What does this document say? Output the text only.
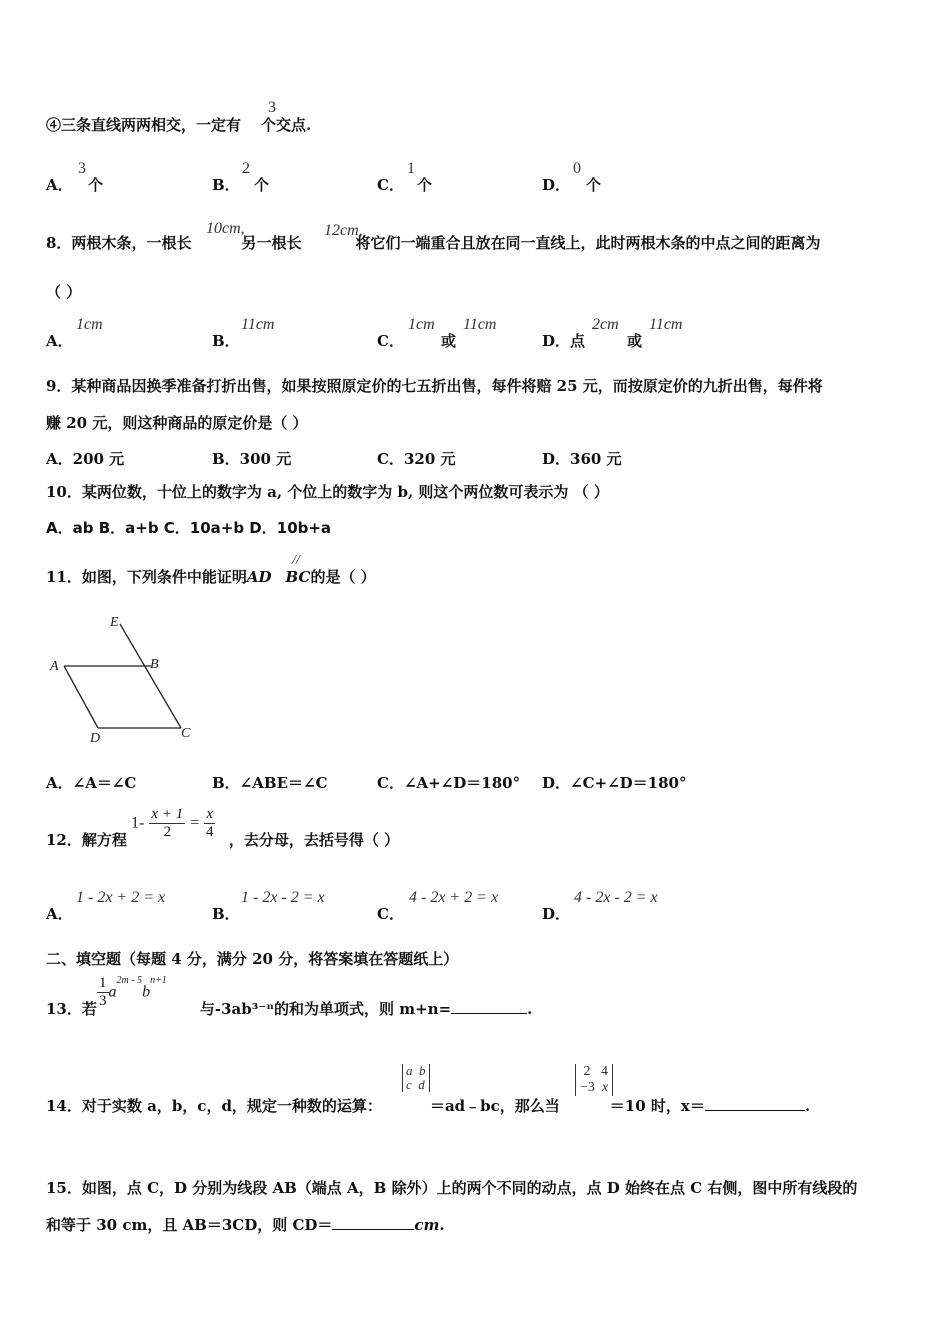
④三条直线两两相交，一定有 个交点.
3
A．
3
个	B．
2
个	C．
1
个	D．
0
个
8．两根木条，一根长	另一根长	将它们一端重合且放在同一直线上，此时两根木条的中点之间的距离为
10cm,	12cm,
（ ）
A．
1cm
B．
11cm
C．
1cm
或
11cm
D．点
2cm
或
11cm
9．某种商品因换季准备打折出售，如果按照原定价的七五折出售，每件将赔 25 元，而按原定价的九折出售，每件将
赚 20 元，则这种商品的原定价是（ ）
A．200 元	B．300 元	C．320 元	D．360 元
10．某两位数，十位上的数字为 a, 个位上的数字为 b, 则这个两位数可表示为 （ ）
A．ab B．a+b C．10a+b D．10b+a
11．如图，下列条件中能证明AD BC的是（ ）
//
E
A	B
D	C
A．∠A＝∠C	B．∠ABE＝∠C	C．∠A+∠D＝180° D．∠C+∠D＝180°
12．解方程	，去分母，去括号得（ ）
$1- \frac{x + 1}{2} = \frac{x}{4}$
A．
1 - 2x + 2 = x
B．
1 - 2x - 2 = x
C．
4 - 2x + 2 = x
D．
4 - 2x - 2 = x
二、填空题（每题 4 分，满分 20 分，将答案填在答题纸上）
13．若	与-3ab³⁻ⁿ的和为单项式，则 m+n=	.
$\frac{1}{3} a^{2m - 5}b^{n+1}$
14．对于实数 a，b，c，d，规定一种数的运算：	＝ad﹣bc，那么当	＝10 时，x＝	.
a b
c d
2 4
−3 x
15．如图，点 C，D 分别为线段 AB（端点 A，B 除外）上的两个不同的动点，点 D 始终在点 C 右侧，图中所有线段的
和等于 30 cm，且 AB＝3CD，则 CD＝	cm.
